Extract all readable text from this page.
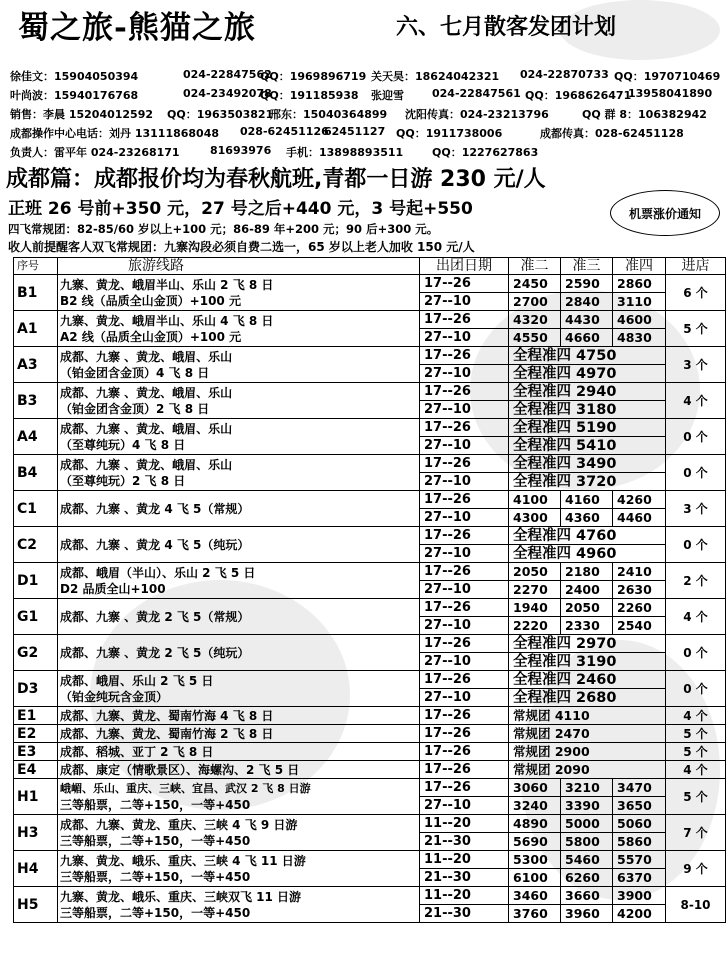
蜀之旅-熊猫之旅	六、七月散客发团计划
徐佳文：15904050394	024-22847562
QQ：1969896719 关天昊：18624042321 024-22870733 QQ：1970710469
叶尚波：15940176768	024-23492078
QQ：191185938 张迎雪	024-22847561 QQ：1968626471
13958041890
销售：李晨 15204012592 QQ：1963503821
邢东：15040364899 沈阳传真：024-23213796	QQ 群 8：106382942
成都操作中心电话：刘丹 13111868048 028-62451126
62451127 QQ：1911738006	成都传真：028-62451128
负责人：雷平年 024-23268171	81693976 手机：13898893511	QQ：1227627863
成都篇：成都报价均为春秋航班,青都一日游 230 元/人
正班 26 号前+350 元，27 号之后+440 元，3 号起+550
四飞常规团：82-85/60 岁以上+100 元；86-89 年+200 元；90 后+300 元。
收人前提醒客人双飞常规团：九寨沟段必须自费二选一，65 岁以上老人加收 150 元/人
机票涨价通知
序号	旅游线路	出团日期	准二	准三	准四	进店
B1	九寨、黄龙、峨眉半山、乐山 2 飞 8 日
B2 线（品质全山金顶）+100 元	17--26	2450	2590	2860	6 个
		27--10	2700	2840	3110	
A1	九寨、黄龙、峨眉半山、乐山 4 飞 8 日
A2 线（品质全山金顶）+100 元	17--26	4320	4430	4600	5 个
		27--10	4550	4660	4830	
A3	成都、九寨 、黄龙、峨眉、乐山
（铂金团含金顶）4 飞 8 日	17--26	全程准四 4750			3 个
		27--10	全程准四 4970			
B3	成都、九寨 、黄龙、峨眉、乐山
（铂金团含金顶）2 飞 8 日	17--26	全程准四 2940			4 个
		27--10	全程准四 3180			
A4	成都、九寨 、黄龙、峨眉、乐山
（至尊纯玩）4 飞 8 日	17--26	全程准四 5190			0 个
		27--10	全程准四 5410			
B4	成都、九寨 、黄龙、峨眉、乐山
（至尊纯玩）2 飞 8 日	17--26	全程准四 3490			0 个
		27--10	全程准四 3720			
C1	成都、九寨 、黄龙 4 飞 5（常规）	17--26	4100	4160	4260	3 个
		27--10	4300	4360	4460	
C2	成都、九寨 、黄龙 4 飞 5（纯玩）	17--26	全程准四 4760			0 个
		27--10	全程准四 4960			
D1	成都、峨眉（半山）、乐山 2 飞 5 日
D2 品质全山+100	17--26	2050	2180	2410	2 个
		27--10	2270	2400	2630	
G1	成都、九寨 、黄龙 2 飞 5（常规）	17--26	1940	2050	2260	4 个
		27--10	2220	2330	2540	
G2	成都、九寨 、黄龙 2 飞 5（纯玩）	17--26	全程准四 2970			0 个
		27--10	全程准四 3190			
D3	成都、峨眉、乐山 2 飞 5 日
（铂金纯玩含金顶）	17--26	全程准四 2460			0 个
		27--10	全程准四 2680			
E1	成都、九寨、黄龙、蜀南竹海 4 飞 8 日	17--26	常规团 4110			4 个
E2	成都、九寨、黄龙、蜀南竹海 2 飞 8 日	17--26	常规团 2470			5 个
E3	成都、稻城、亚丁 2 飞 8 日	17--26	常规团 2900			5 个
E4	成都、康定（情歌景区）、海螺沟、2 飞 5 日	17--26	常规团 2090			4 个
H1	峨嵋、乐山、重庆、三峡、宜昌、武汉 2 飞 8 日游
三等船票，二等+150，一等+450	17--26	3060	3210	3470	5 个
		27--10	3240	3390	3650	
H3	成都、九寨、黄龙、重庆、三峡 4 飞 9 日游
三等船票，二等+150，一等+450	11--20	4890	5000	5060	7 个
		21--30	5690	5800	5860	
H4	九寨、黄龙、峨乐、重庆、三峡 4 飞 11 日游
三等船票，二等+150，一等+450	11--20	5300	5460	5570	9 个
		21--30	6100	6260	6370	
H5	九寨、黄龙、峨乐、重庆、三峡双飞 11 日游
三等船票，二等+150，一等+450	11--20	3460	3660	3900	8-10
		21--30	3760	3960	4200	
